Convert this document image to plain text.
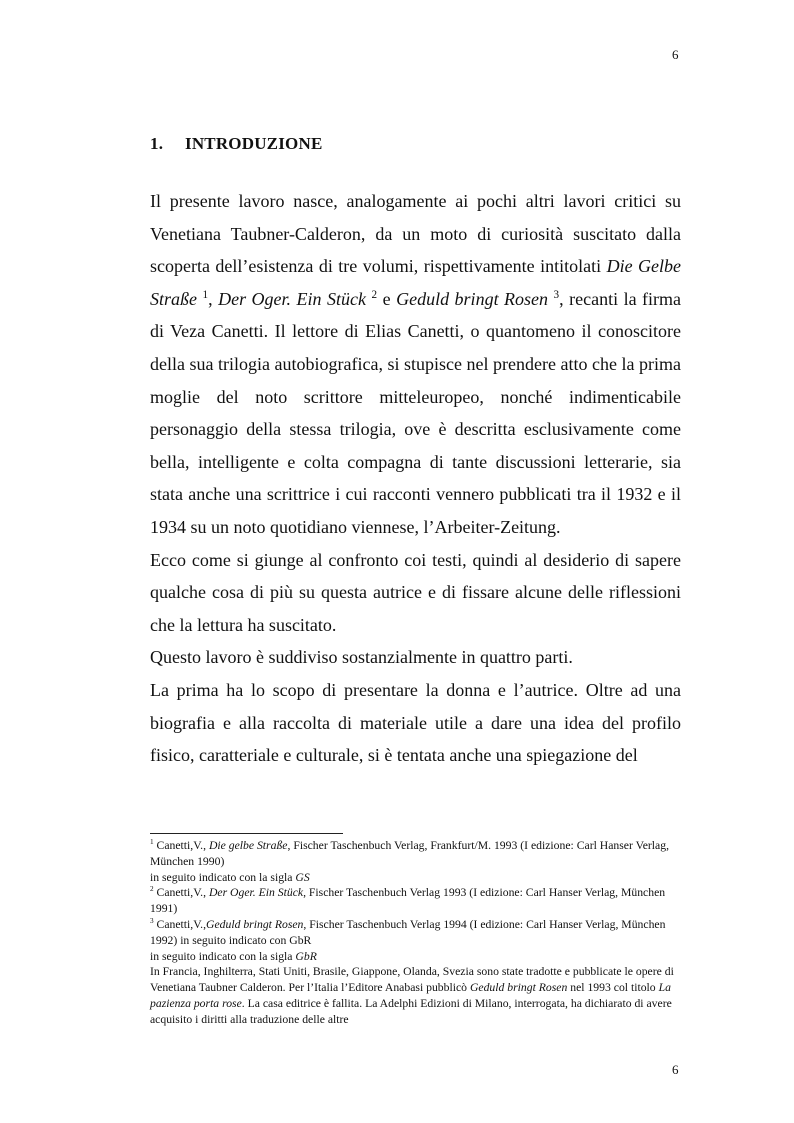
6
1. INTRODUZIONE

Il presente lavoro nasce, analogamente ai pochi altri lavori critici su Venetiana Taubner-Calderon, da un moto di curiosità suscitato dalla scoperta dell’esistenza di tre volumi, rispettivamente intitolati Die Gelbe Straße $^1$, Der Oger. Ein Stück $^2$ e Geduld bringt Rosen $^3$, recanti la firma di Veza Canetti. Il lettore di Elias Canetti, o quantomeno il conoscitore della sua trilogia autobiografica, si stupisce nel prendere atto che la prima moglie del noto scrittore mitteleuropeo, nonché indimenticabile personaggio della stessa trilogia, ove è descritta esclusivamente come bella, intelligente e colta compagna di tante discussioni letterarie, sia stata anche una scrittrice i cui racconti vennero pubblicati tra il 1932 e il 1934 su un noto quotidiano viennese, l’Arbeiter-Zeitung.

Ecco come si giunge al confronto coi testi, quindi al desiderio di sapere qualche cosa di più su questa autrice e di fissare alcune delle riflessioni che la lettura ha suscitato.

Questo lavoro è suddiviso sostanzialmente in quattro parti.

La prima ha lo scopo di presentare la donna e l’autrice. Oltre ad una biografia e alla raccolta di materiale utile a dare una idea del profilo fisico, caratteriale e culturale, si è tentata anche una spiegazione del

$^1$ Canetti,V., Die gelbe Straße, Fischer Taschenbuch Verlag, Frankfurt/M. 1993 (I edizione: Carl Hanser Verlag, München 1990)
in seguito indicato con la sigla GS
$^2$ Canetti,V., Der Oger. Ein Stück, Fischer Taschenbuch Verlag 1993 (I edizione: Carl Hanser Verlag, München 1991)
$^3$ Canetti,V.,Geduld bringt Rosen, Fischer Taschenbuch Verlag 1994 (I edizione: Carl Hanser Verlag, München 1992) in seguito indicato con GbR
in seguito indicato con la sigla GbR
In Francia, Inghilterra, Stati Uniti, Brasile, Giappone, Olanda, Svezia sono state tradotte e pubblicate le opere di Venetiana Taubner Calderon. Per l’Italia l’Editore Anabasi pubblicò Geduld bringt Rosen nel 1993 col titolo La pazienza porta rose. La casa editrice è fallita. La Adelphi Edizioni di Milano, interrogata, ha dichiarato di avere acquisito i diritti alla traduzione delle altre
6
